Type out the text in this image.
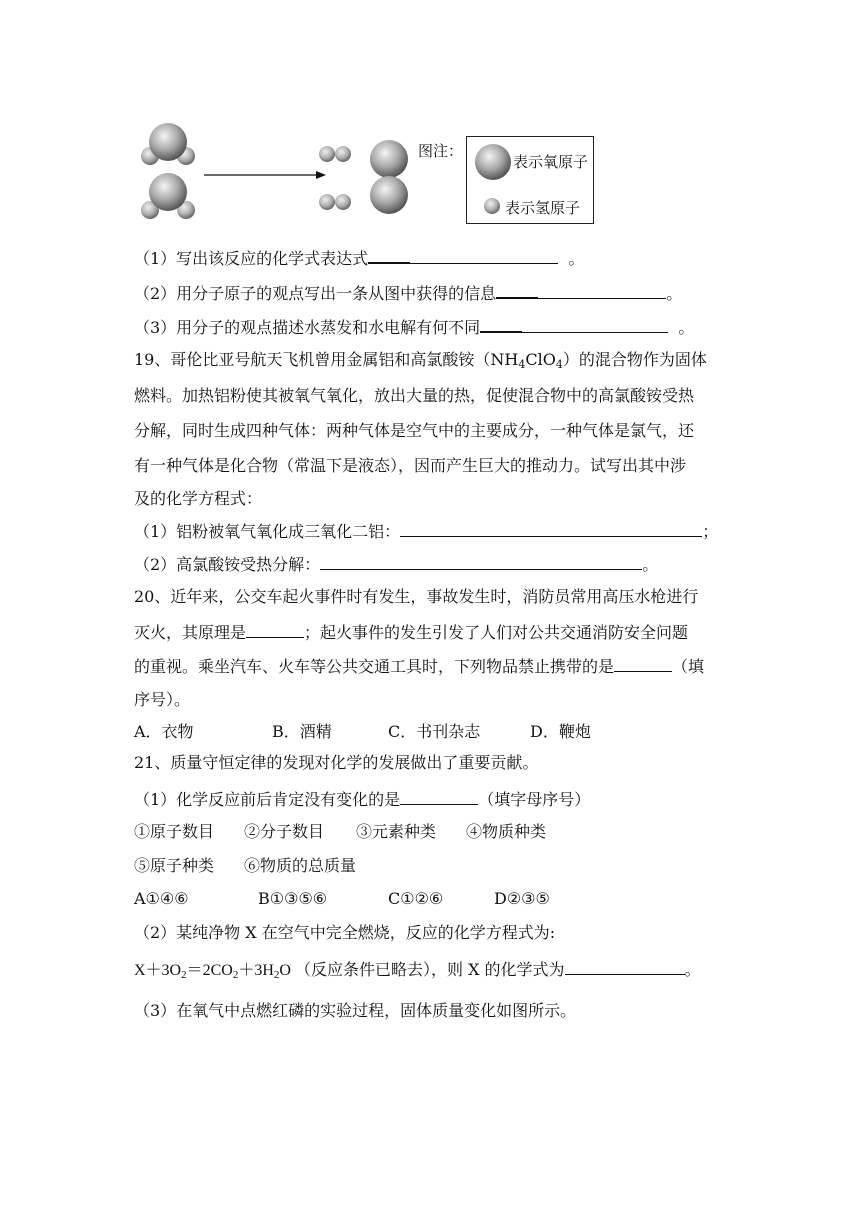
图注：
表示氧原子
表示氢原子
（1）写出该反应的化学式表达式	。
（2）用分子原子的观点写出一条从图中获得的信息	。
（3）用分子的观点描述水蒸发和水电解有何不同	。
19、哥伦比亚号航天飞机曾用金属铝和高氯酸铵$(NH_4ClO_4)$的混合物作为固体
燃料。加热铝粉使其被氧气氧化，放出大量的热，促使混合物中的高氯酸铵受热
分解，同时生成四种气体：两种气体是空气中的主要成分，一种气体是氯气，还
有一种气体是化合物（常温下是液态），因而产生巨大的推动力。试写出其中涉
及的化学方程式：
（1）铝粉被氧气氧化成三氧化二铝：	；
（2）高氯酸铵受热分解：	。
20、近年来，公交车起火事件时有发生，事故发生时，消防员常用高压水枪进行
灭火，其原理是	；起火事件的发生引发了人们对公共交通消防安全问题
的重视。乘坐汽车、火车等公共交通工具时，下列物品禁止携带的是	（填
序号）。
A．衣物	B．酒精	C．书刊杂志	D．鞭炮
21、质量守恒定律的发现对化学的发展做出了重要贡献。
（1）化学反应前后肯定没有变化的是	（填字母序号）
①原子数目 ②分子数目 ③元素种类 ④物质种类
⑤原子种类 ⑥物质的总质量
A①④⑥	B①③⑤⑥	C①②⑥	D②③⑤
（2）某纯净物 X 在空气中完全燃烧，反应的化学方程式为:
$X+3O_2=2CO_2+3H_2O$ （反应条件已略去），则 X 的化学式为	。
（3）在氧气中点燃红磷的实验过程，固体质量变化如图所示。
